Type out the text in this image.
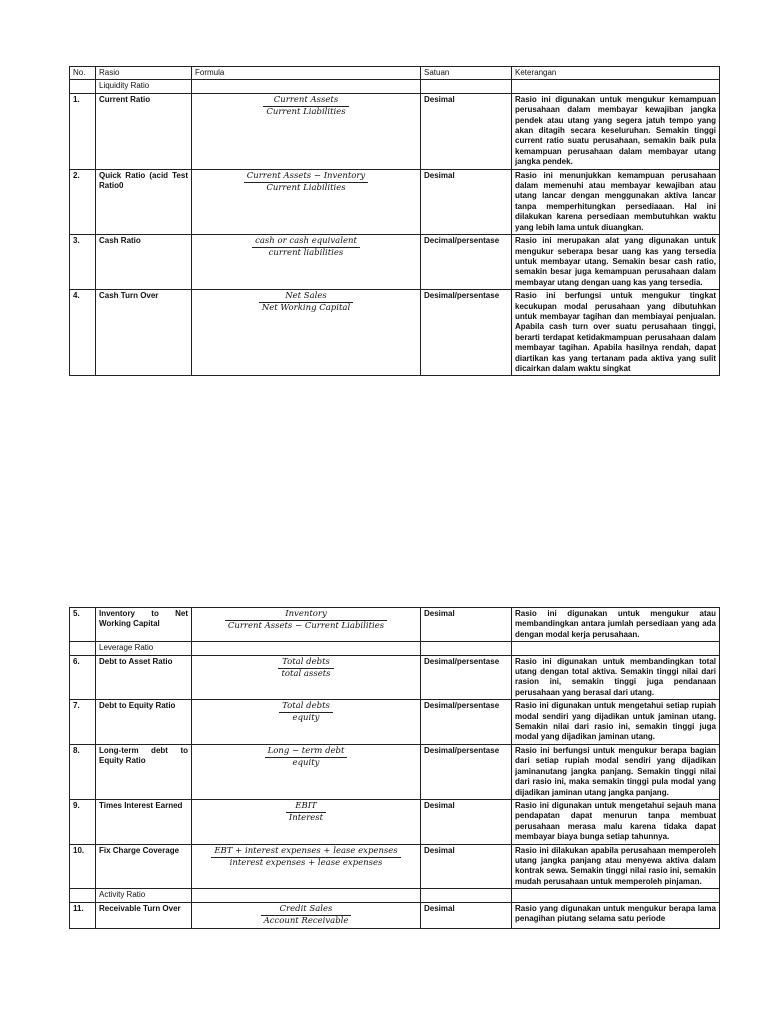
No.	Rasio	Formula	Satuan	Keterangan
	Liquidity Ratio			
1.	Current Ratio	$\frac{\text{Current Assets}}{\text{Current Liabilities}}$	Desimal	Rasio ini digunakan untuk mengukur kemampuan perusahaan dalam membayar kewajiban jangka pendek atau utang yang segera jatuh tempo yang akan ditagih secara keseluruhan. Semakin tinggi current ratio suatu perusahaan, semakin baik pula kemampuan perusahaan dalam membayar utang jangka pendek.
2.	Quick Ratio (acid Test Ratio0	$\frac{\text{Current Assets − Inventory}}{\text{Current Liabilities}}$	Desimal	Rasio ini menunjukkan kemampuan perusahaan dalam memenuhi atau membayar kewajiban atau utang lancar dengan menggunakan aktiva lancar tanpa memperhitungkan persediaaan. Hal ini dilakukan karena persediaan membutuhkan waktu yang lebih lama untuk diuangkan.
3.	Cash Ratio	$\frac{\text{cash or cash equivalent}}{\text{current liabilities}}$	Decimal/persentase	Rasio ini merupakan alat yang digunakan untuk mengukur seberapa besar uang kas yang tersedia untuk membayar utang. Semakin besar cash ratio, semakin besar juga kemampuan perusahaan dalam membayar utang dengan uang kas yang tersedia.
4.	Cash Turn Over	$\frac{\text{Net Sales}}{\text{Net Working Capital}}$	Desimal/persentase	Rasio ini berfungsi untuk mengukur tingkat kecukupan modal perusahaan yang dibutuhkan untuk membayar tagihan dan membiayai penjualan. Apabila cash turn over suatu perusahaan tinggi, berarti terdapat ketidakmampuan perusahaan dalam membayar tagihan. Apabila hasilnya rendah, dapat diartikan kas yang tertanam pada aktiva yang sulit dicairkan dalam waktu singkat
5.	Inventory to Net Working Capital	$\frac{\text{Inventory}}{\text{Current Assets − Current Liabilities}}$	Desimal	Rasio ini digunakan untuk mengukur atau membandingkan antara jumlah persediaan yang ada dengan modal kerja perusahaan.
	Leverage Ratio			
6.	Debt to Asset Ratio	$\frac{\text{Total debts}}{\text{total assets}}$	Desimal/persentase	Rasio ini digunakan untuk membandingkan total utang dengan total aktiva. Semakin tinggi nilai dari rasion ini, semakin tinggi juga pendanaan perusahaan yang berasal dari utang.
7.	Debt to Equity Ratio	$\frac{\text{Total debts}}{\text{equity}}$	Desimal/persentase	Rasio ini digunakan untuk mengetahui setiap rupiah modal sendiri yang dijadikan untuk jaminan utang. Semakin nilai dari rasio ini, semakin tinggi juga modal yang dijadikan jaminan utang.
8.	Long-term debt to Equity Ratio	$\frac{\text{Long − term debt}}{\text{equity}}$	Desimal/persentase	Rasio ini berfungsi untuk mengukur berapa bagian dari setiap rupiah modal sendiri yang dijadikan jaminanutang jangka panjang. Semakin tinggi nilai dari rasio ini, maka semakin tinggi pula modal yang dijadikan jaminan utang jangka panjang.
9.	Times Interest Earned	$\frac{\text{EBIT}}{\text{Interest}}$	Desimal	Rasio ini digunakan untuk mengetahui sejauh mana pendapatan dapat menurun tanpa membuat perusahaan merasa malu karena tidaka dapat membayar biaya bunga setiap tahunnya.
10.	Fix Charge Coverage	$\frac{\text{EBT + interest expenses + lease expenses}}{\text{interest expenses + lease expenses}}$	Desimal	Rasio ini dilakukan apabila perusahaan memperoleh utang jangka panjang atau menyewa aktiva dalam kontrak sewa. Semakin tinggi nilai rasio ini, semakin mudah perusahaan untuk memperoleh pinjaman.
	Activity Ratio			
11.	Receivable Turn Over	$\frac{\text{Credit Sales}}{\text{Account Receivable}}$	Desimal	Rasio yang digunakan untuk mengukur berapa lama penagihan piutang selama satu periode
